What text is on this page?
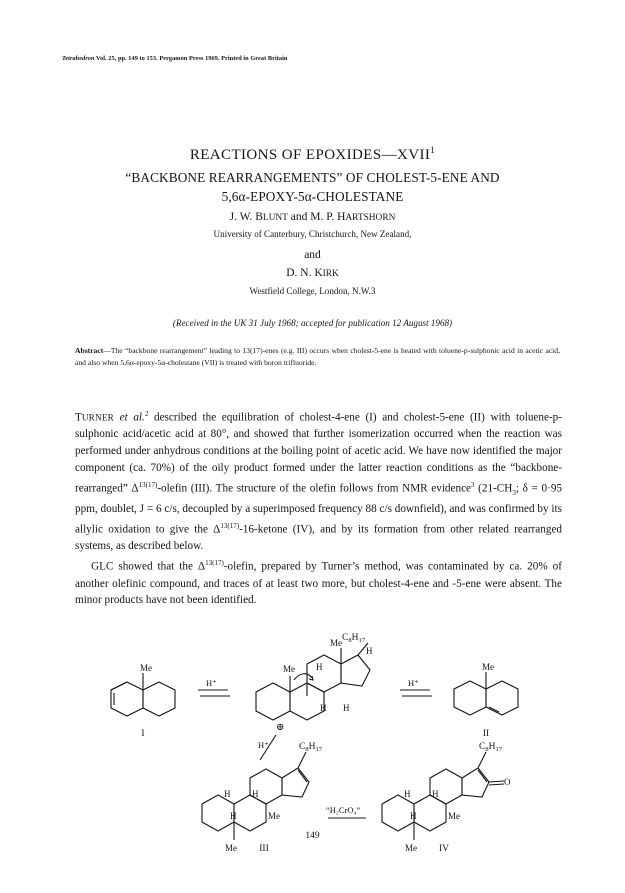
Tetrahedron Vol. 25, pp. 149 to 153. Pergamon Press 1969. Printed in Great Britain
REACTIONS OF EPOXIDES—XVII$^1$
“BACKBONE REARRANGEMENTS” OF CHOLEST-5-ENE AND
5,6α-EPOXY-5α-CHOLESTANE
J. W. BLUNT and M. P. HARTSHORN
University of Canterbury, Christchurch, New Zealand,
and
D. N. KIRK
Westfield College, London, N.W.3
(Received in the UK 31 July 1968; accepted for publication 12 August 1968)
Abstract—The “backbone rearrangement” leading to 13(17)-enes (e.g. III) occurs when cholest-5-ene is heated with toluene-p-sulphonic acid in acetic acid, and also when 5,6α-epoxy-5α-cholestane (VII) is treated with boron trifluoride.

TURNER et al.$^2$ described the equilibration of cholest-4-ene (I) and cholest-5-ene (II) with toluene-p-sulphonic acid/acetic acid at 80°, and showed that further isomerization occurred when the reaction was performed under anhydrous conditions at the boiling point of acetic acid. We have now identified the major component (ca. 70%) of the oily product formed under the latter reaction conditions as the “backbone-rearranged” $\Delta^{13(17)}$-olefin (III). The structure of the olefin follows from NMR evidence$^3$ ($21-CH_3$; δ = 0·95 ppm, doublet, J = 6 c/s, decoupled by a superimposed frequency 88 c/s downfield), and was confirmed by its allylic oxidation to give the $\Delta^{13(17)}-16$-ketone (IV), and by its formation from other related rearranged systems, as described below.

GLC showed that the $\Delta^{13(17)}$-olefin, prepared by Turner’s method, was contaminated by ca. 20% of another olefinic compound, and traces of at least two more, but cholest-4-ene and -5-ene were absent. The minor products have not been identified.

Me	Me
Me
H
H H
H
Me
H H
H	Me
Me
H H
H	Me
Me
O
$C_8H_{17}$
$C_8H_{17}$	$C_8H_{17}$
⊕
H⁺	H⁺
H⁺
“H₂CrO₄”
I	II
III	IV
149
